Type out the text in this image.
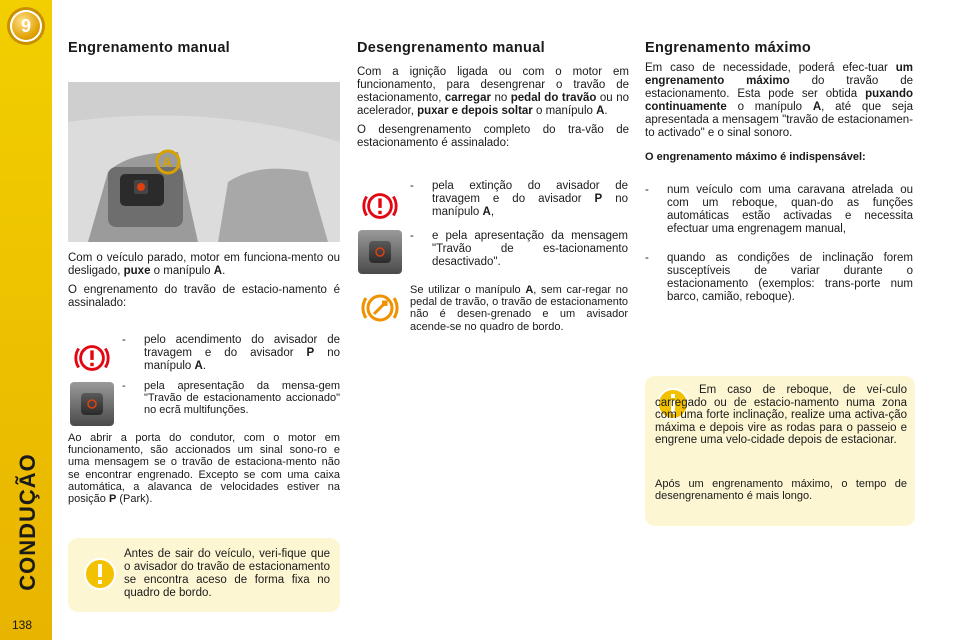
9
CONDUÇÃO
138
Engrenamento manual
A

Com o veículo parado, motor em funciona-mento ou desligado, puxe o manípulo A.

O engrenamento do travão de estacio-namento é assinalado:

- pelo acendimento do avisador de travagem e do avisador P no manípulo A.
- pela apresentação da mensa-gem "Travão de estacionamento accionado" no ecrã multifunções.

Ao abrir a porta do condutor, com o motor em funcionamento, são accionados um sinal sono-ro e uma mensagem se o travão de estaciona-mento não se encontrar engrenado. Excepto se com uma caixa automática, a alavanca de velocidades estiver na posição P (Park).

Antes de sair do veículo, veri-fique que o avisador do travão de estacionamento se encontra aceso de forma fixa no quadro de bordo.

Desengrenamento manual

Com a ignição ligada ou com o motor em funcionamento, para desengrenar o travão de estacionamento, carregar no pedal do travão ou no acelerador, puxar e depois soltar o manípulo A.

O desengrenamento completo do tra-vão de estacionamento é assinalado:

- pela extinção do avisador de travagem e do avisador P no manípulo A,
- e pela apresentação da mensagem "Travão de es-tacionamento desactivado".

Se utilizar o manípulo A, sem car-regar no pedal de travão, o travão de estacionamento não é desen-grenado e um avisador acende-se no quadro de bordo.

Engrenamento máximo

Em caso de necessidade, poderá efec-tuar um engrenamento máximo do travão de estacionamento. Esta pode ser obtida puxando continuamente o manípulo A, até que seja apresentada a mensagem "travão de estacionamen-to activado" e o sinal sonoro.

O engrenamento máximo é indispensável:

- num veículo com uma caravana atrelada ou com um reboque, quan-do as funções automáticas estão activadas e necessita efectuar uma engrenagem manual,
- quando as condições de inclinação forem susceptíveis de variar durante o estacionamento (exemplos: trans-porte num barco, camião, reboque).

Em caso de reboque, de veí-culo carregado ou de estacio-namento numa zona com uma forte inclinação, realize uma activa-ção máxima e depois vire as rodas para o passeio e engrene uma velo-cidade depois de estacionar.

Após um engrenamento máximo, o tempo de desengrenamento é mais longo.
